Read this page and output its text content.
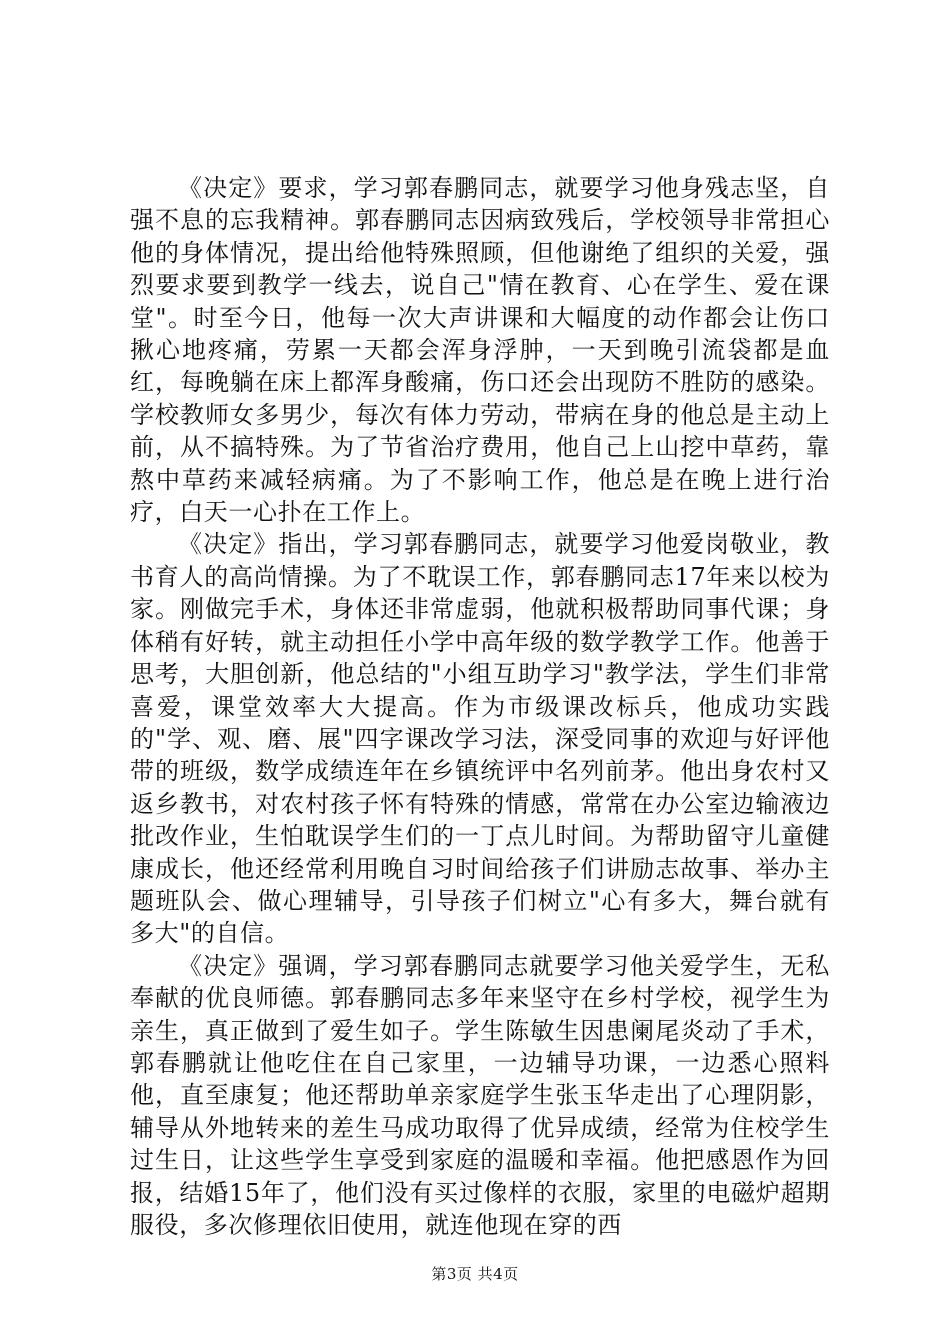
《决定》要求，学习郭春鹏同志，就要学习他身残志坚，自强不息的忘我精神。郭春鹏同志因病致残后，学校领导非常担心他的身体情况，提出给他特殊照顾，但他谢绝了组织的关爱，强烈要求要到教学一线去，说自己"情在教育、心在学生、爱在课堂"。时至今日，他每一次大声讲课和大幅度的动作都会让伤口揪心地疼痛，劳累一天都会浑身浮肿，一天到晚引流袋都是血红，每晚躺在床上都浑身酸痛，伤口还会出现防不胜防的感染。学校教师女多男少，每次有体力劳动，带病在身的他总是主动上前，从不搞特殊。为了节省治疗费用，他自己上山挖中草药，靠熬中草药来减轻病痛。为了不影响工作，他总是在晚上进行治疗，白天一心扑在工作上。

《决定》指出，学习郭春鹏同志，就要学习他爱岗敬业，教书育人的高尚情操。为了不耽误工作，郭春鹏同志17年来以校为家。刚做完手术，身体还非常虚弱，他就积极帮助同事代课；身体稍有好转，就主动担任小学中高年级的数学教学工作。他善于思考，大胆创新，他总结的"小组互助学习"教学法，学生们非常喜爱，课堂效率大大提高。作为市级课改标兵，他成功实践的"学、观、磨、展"四字课改学习法，深受同事的欢迎与好评他带的班级，数学成绩连年在乡镇统评中名列前茅。他出身农村又返乡教书，对农村孩子怀有特殊的情感，常常在办公室边输液边批改作业，生怕耽误学生们的一丁点儿时间。为帮助留守儿童健康成长，他还经常利用晚自习时间给孩子们讲励志故事、举办主题班队会、做心理辅导，引导孩子们树立"心有多大，舞台就有多大"的自信。

《决定》强调，学习郭春鹏同志就要学习他关爱学生，无私奉献的优良师德。郭春鹏同志多年来坚守在乡村学校，视学生为亲生，真正做到了爱生如子。学生陈敏生因患阑尾炎动了手术，郭春鹏就让他吃住在自己家里，一边辅导功课，一边悉心照料他，直至康复；他还帮助单亲家庭学生张玉华走出了心理阴影，辅导从外地转来的差生马成功取得了优异成绩，经常为住校学生过生日，让这些学生享受到家庭的温暖和幸福。他把感恩作为回报，结婚15年了，他们没有买过像样的衣服，家里的电磁炉超期服役，多次修理依旧使用，就连他现在穿的西

第3页 共4页
